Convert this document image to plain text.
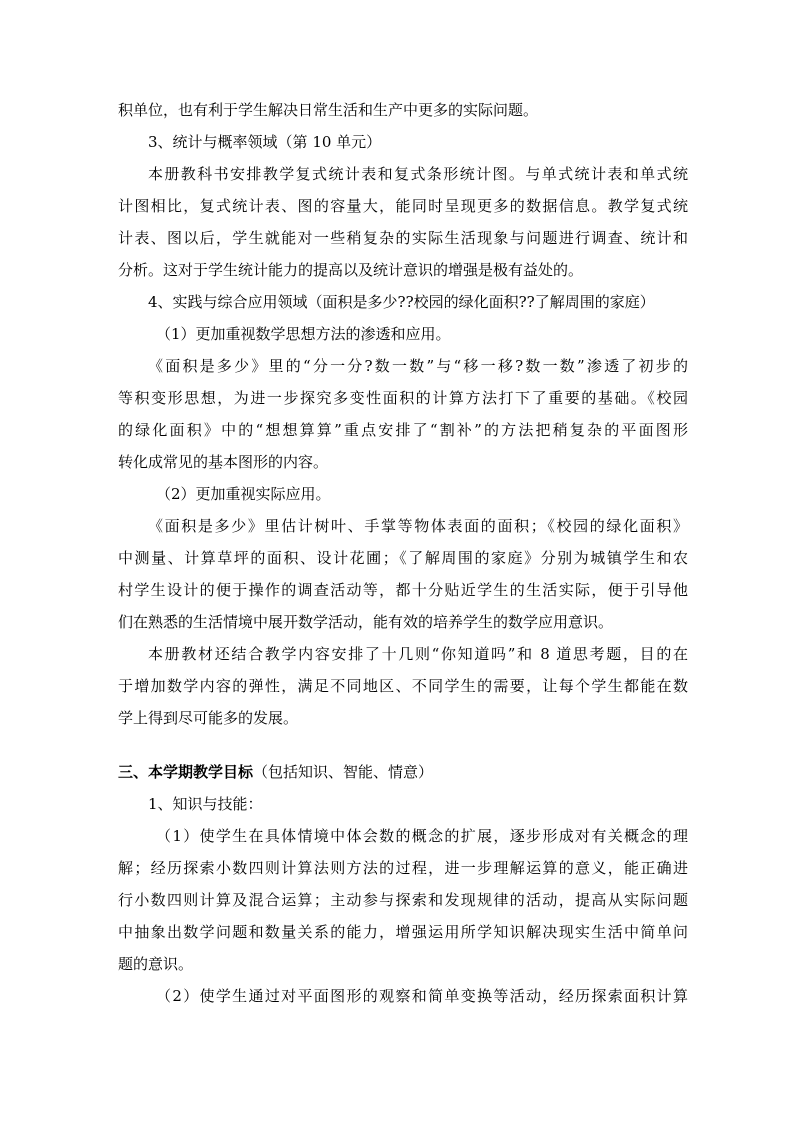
积单位，也有利于学生解决日常生活和生产中更多的实际问题。
3、统计与概率领域（第 10 单元）
本册教科书安排教学复式统计表和复式条形统计图。与单式统计表和单式统
计图相比，复式统计表、图的容量大，能同时呈现更多的数据信息。教学复式统
计表、图以后，学生就能对一些稍复杂的实际生活现象与问题进行调查、统计和
分析。这对于学生统计能力的提高以及统计意识的增强是极有益处的。
4、实践与综合应用领域（面积是多少??校园的绿化面积??了解周围的家庭）
（1）更加重视数学思想方法的渗透和应用。
《面积是多少》里的“分一分?数一数”与“移一移?数一数”渗透了初步的
等积变形思想，为进一步探究多变性面积的计算方法打下了重要的基础。《校园
的绿化面积》中的“想想算算”重点安排了“割补”的方法把稍复杂的平面图形
转化成常见的基本图形的内容。
（2）更加重视实际应用。
《面积是多少》里估计树叶、手掌等物体表面的面积；《校园的绿化面积》
中测量、计算草坪的面积、设计花圃；《了解周围的家庭》分别为城镇学生和农
村学生设计的便于操作的调查活动等，都十分贴近学生的生活实际，便于引导他
们在熟悉的生活情境中展开数学活动，能有效的培养学生的数学应用意识。
本册教材还结合教学内容安排了十几则“你知道吗”和 8 道思考题，目的在
于增加数学内容的弹性，满足不同地区、不同学生的需要，让每个学生都能在数
学上得到尽可能多的发展。
三、本学期教学目标（包括知识、智能、情意）
1、知识与技能：
（1）使学生在具体情境中体会数的概念的扩展，逐步形成对有关概念的理
解；经历探索小数四则计算法则方法的过程，进一步理解运算的意义，能正确进
行小数四则计算及混合运算；主动参与探索和发现规律的活动，提高从实际问题
中抽象出数学问题和数量关系的能力，增强运用所学知识解决现实生活中简单问
题的意识。
（2）使学生通过对平面图形的观察和简单变换等活动，经历探索面积计算
